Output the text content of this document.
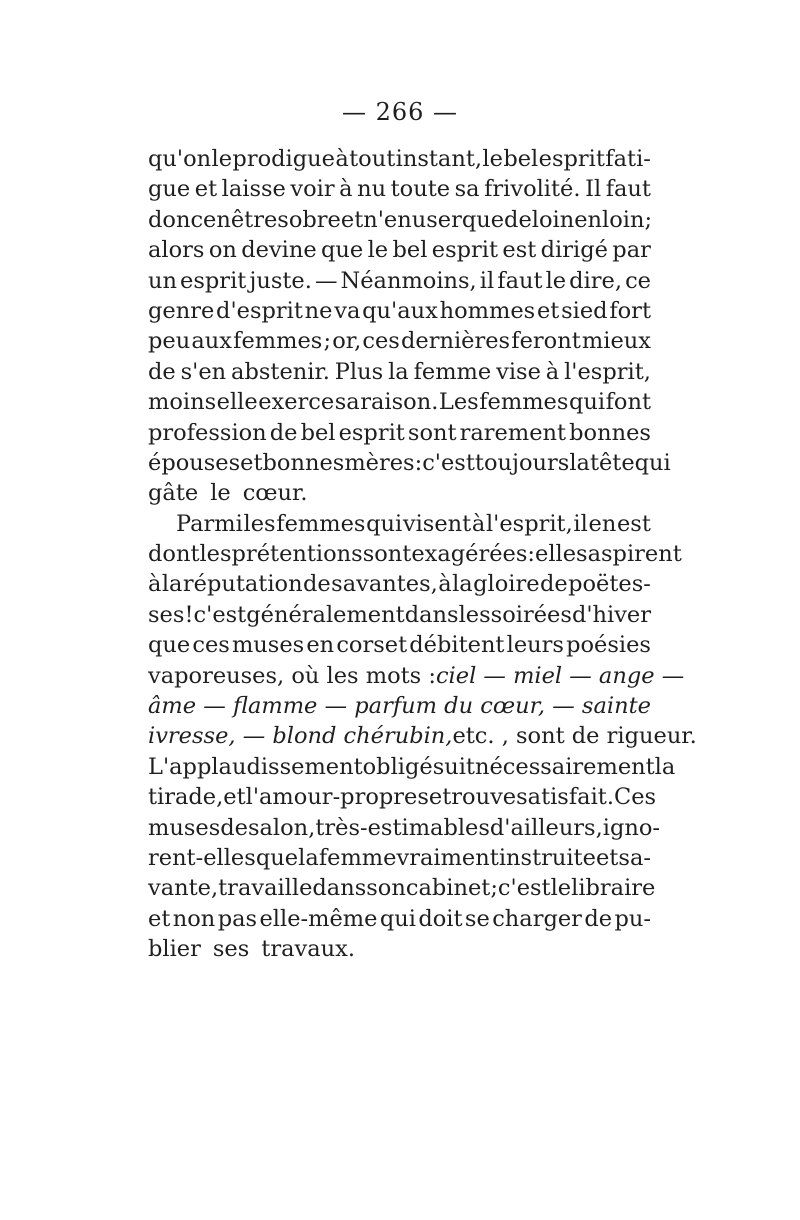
— 266 —
qu'on le prodigue à tout instant, le bel esprit fati-
gue et laisse voir à nu toute sa frivolité. Il faut
donc en être sobre et n'en user que de loin en loin ;
alors on devine que le bel esprit est dirigé par
un esprit juste. — Néanmoins, il faut le dire, ce
genre d'esprit ne va qu'aux hommes et sied fort
peu aux femmes ; or, ces dernières feront mieux
de s'en abstenir. Plus la femme vise à l'esprit,
moins elle exerce sa raison. Les femmes qui font
profession de bel esprit sont rarement bonnes
épouses et bonnes mères : c'est toujours la tête qui
gâte le cœur.
Parmi les femmes qui visent à l'esprit, il en est
dont les prétentions sont exagérées : elles aspirent
à la réputation de savantes, à la gloire de poëtes-
ses ! c'est généralement dans les soirées d'hiver
que ces muses en corset débitent leurs poésies
vaporeuses, où les mots : ciel — miel — ange —
âme — flamme — parfum du cœur, — sainte
ivresse, — blond chérubin, etc. , sont de rigueur.
L'applaudissement obligé suit nécessairement la
tirade, et l'amour-propre se trouve satisfait. Ces
muses de salon, très-estimables d'ailleurs, igno-
rent-elles que la femme vraiment instruite et sa-
vante, travaille dans son cabinet ; c'est le libraire
et non pas elle-même qui doit se charger de pu-
blier ses travaux.
